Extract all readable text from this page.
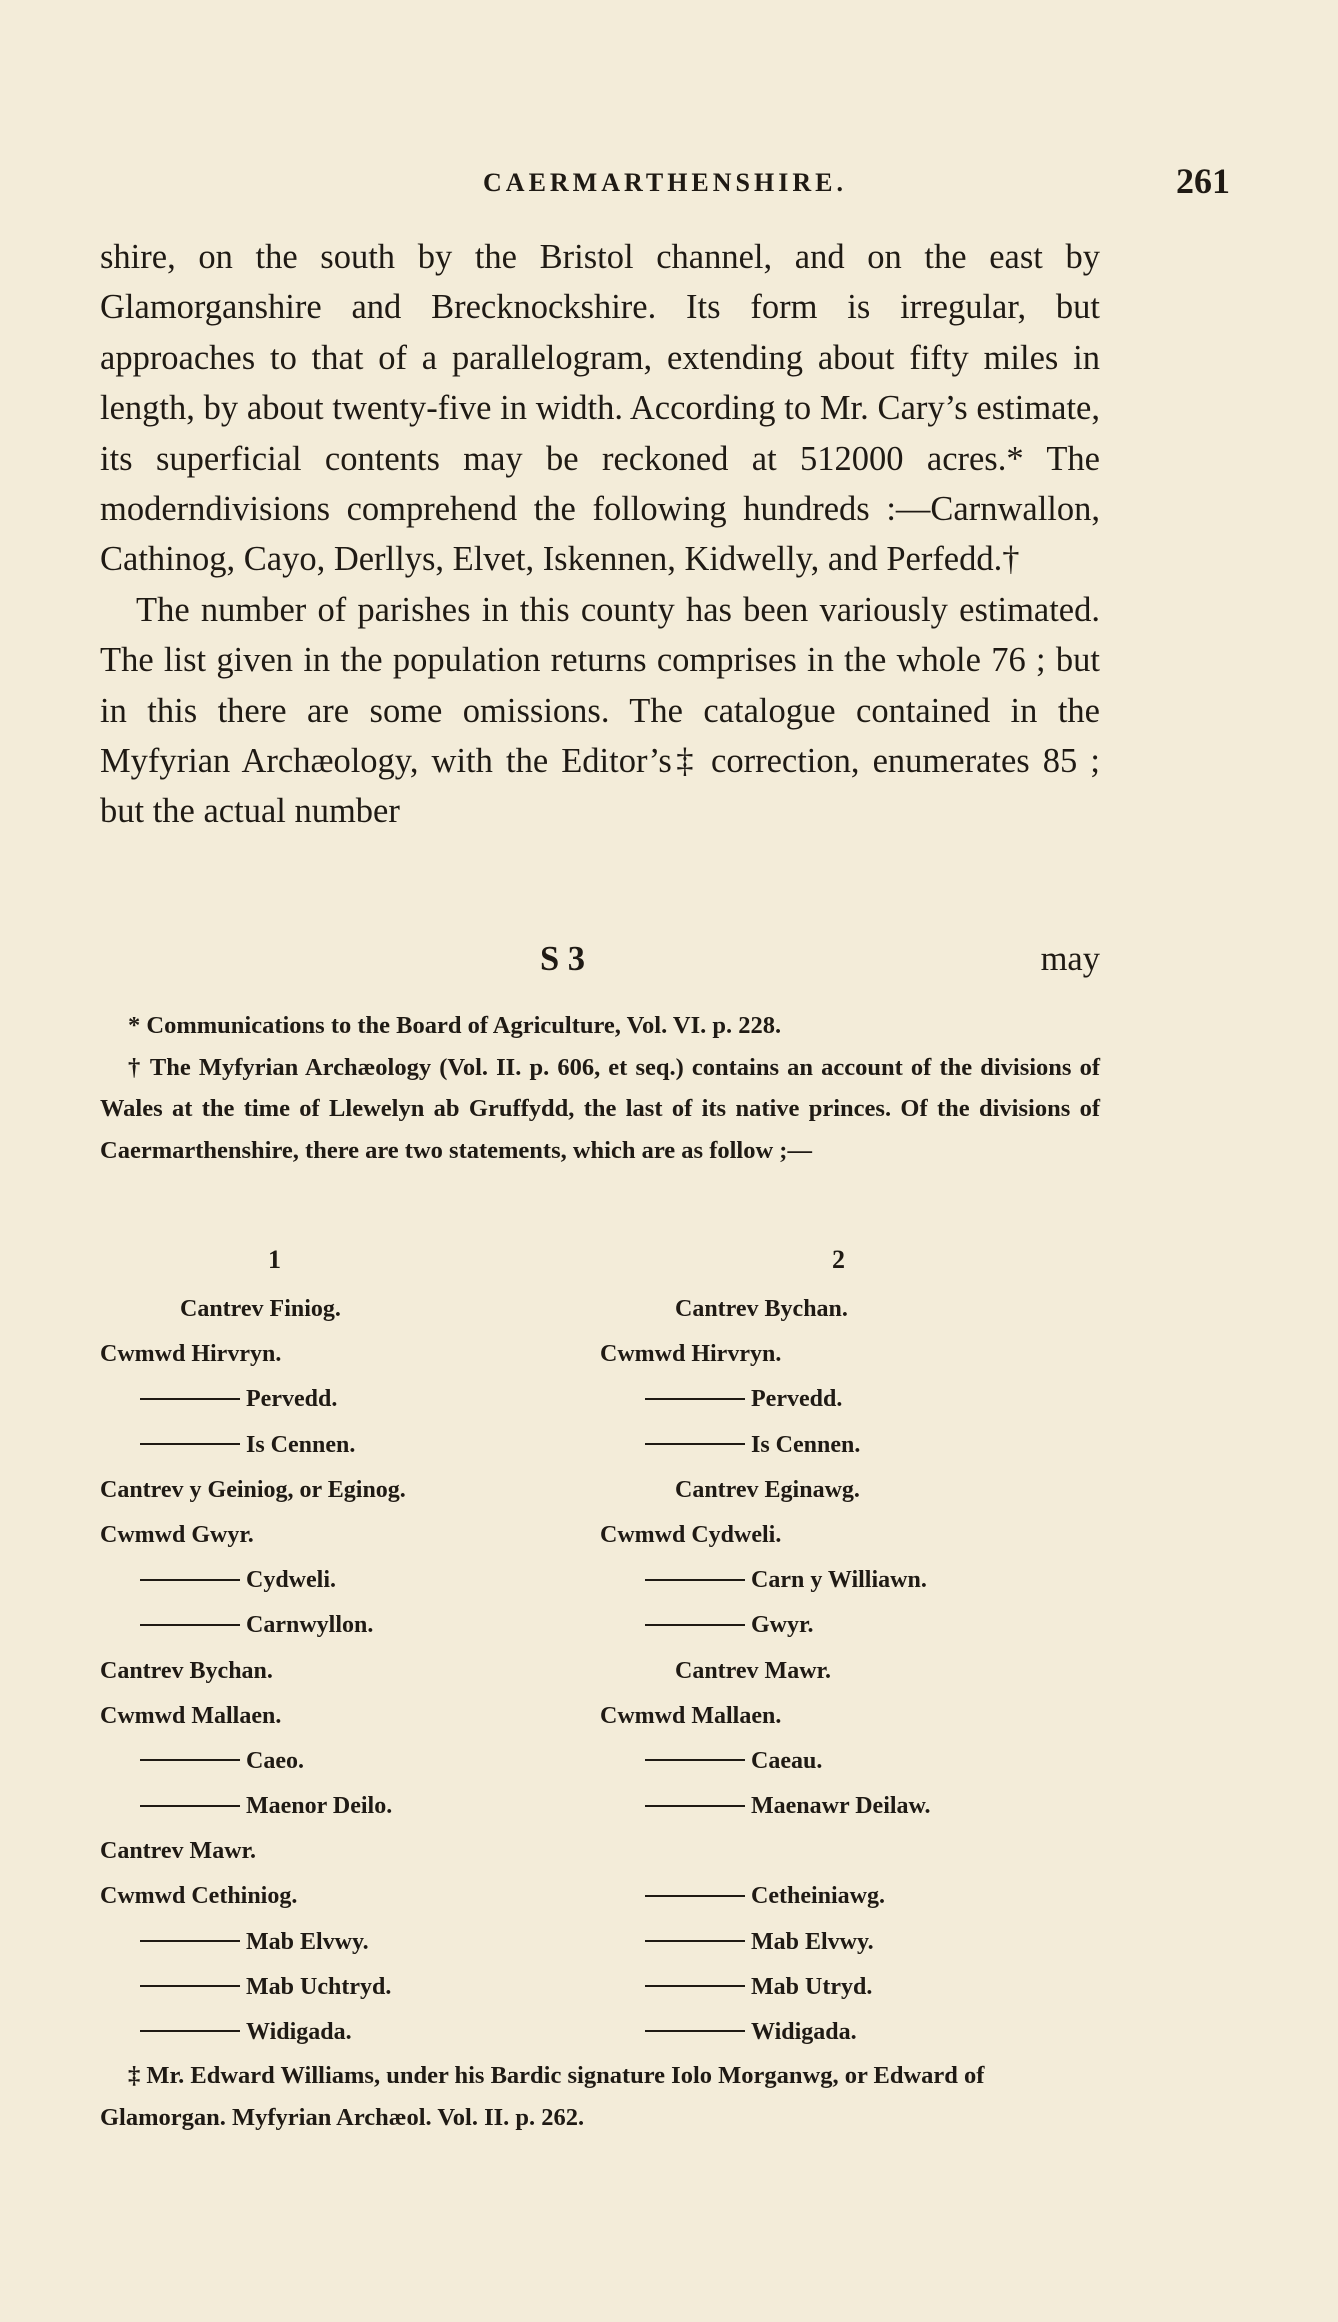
CAERMARTHENSHIRE.	261

shire, on the south by the Bristol channel, and on the east by Glamorganshire and Brecknockshire. Its form is irregular, but approaches to that of a parallelogram, extending about fifty miles in length, by about twenty-five in width. According to Mr. Cary’s estimate, its superficial contents may be reckoned at 512000 acres.* The moderndivisions comprehend the following hundreds :—Carnwallon, Cathinog, Cayo, Derllys, Elvet, Iskennen, Kidwelly, and Perfedd.†

The number of parishes in this county has been variously estimated. The list given in the population returns comprises in the whole 76 ; but in this there are some omissions. The catalogue contained in the Myfyrian Archæology, with the Editor’s‡ correction, enumerates 85 ; but the actual number

S 3	may

* Communications to the Board of Agriculture, Vol. VI. p. 228.

† The Myfyrian Archæology (Vol. II. p. 606, et seq.) contains an account of the divisions of Wales at the time of Llewelyn ab Gruffydd, the last of its native princes. Of the divisions of Caermarthenshire, there are two statements, which are as follow ;—

1
Cantrev Finiog.
Cwmwd Hirvryn.
Pervedd.
Is Cennen.
Cantrev y Geiniog, or Eginog.
Cwmwd Gwyr.
Cydweli.
Carnwyllon.
Cantrev Bychan.
Cwmwd Mallaen.
Caeo.
Maenor Deilo.
Cantrev Mawr.
Cwmwd Cethiniog.
Mab Elvwy.
Mab Uchtryd.
Widigada.
2
Cantrev Bychan.
Cwmwd Hirvryn.
Pervedd.
Is Cennen.
Cantrev Eginawg.
Cwmwd Cydweli.
Carn y Williawn.
Gwyr.
Cantrev Mawr.
Cwmwd Mallaen.
Caeau.
Maenawr Deilaw.
Cetheiniawg.
Mab Elvwy.
Mab Utryd.
Widigada.

‡ Mr. Edward Williams, under his Bardic signature Iolo Morganwg, or Edward of Glamorgan. Myfyrian Archæol. Vol. II. p. 262.
